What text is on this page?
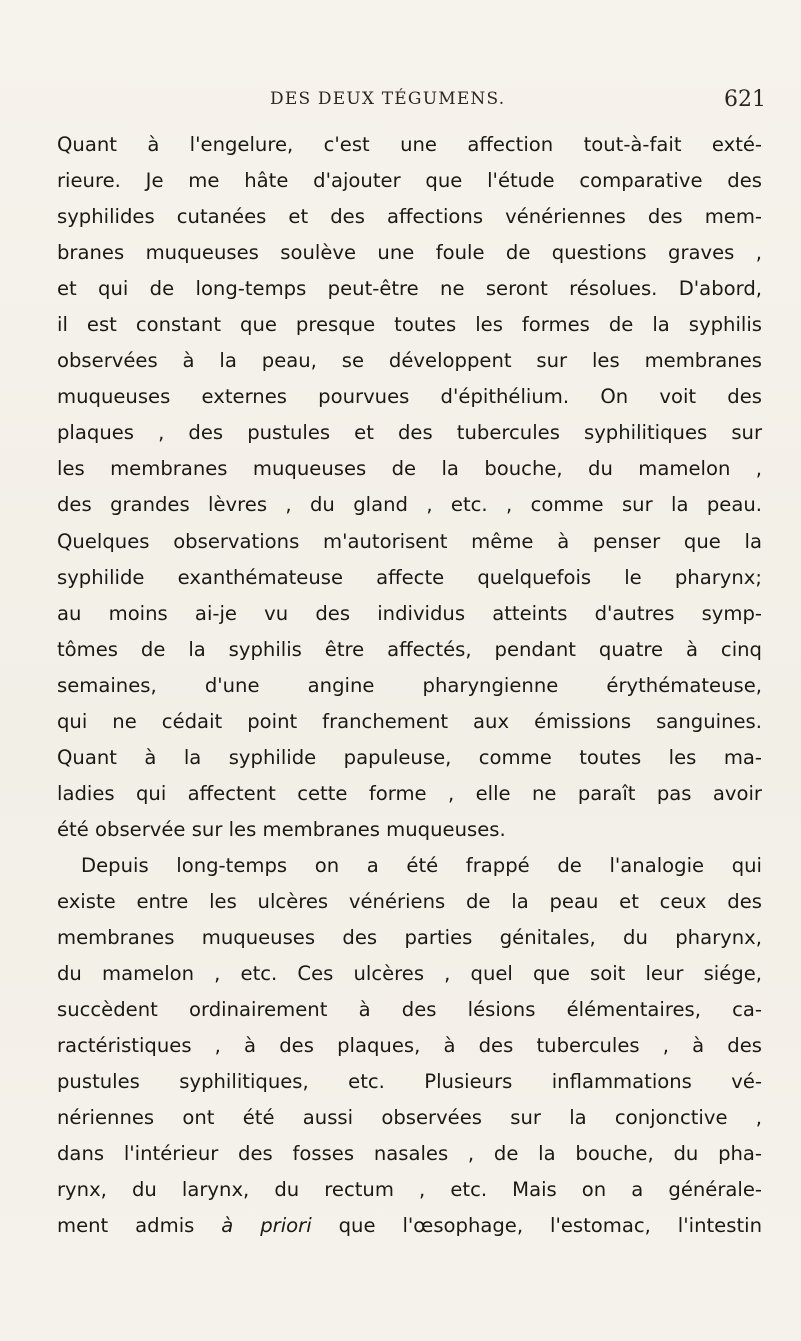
DES DEUX TÉGUMENS.	621
Quant à l'engelure, c'est une affection tout-à-fait exté-
rieure. Je me hâte d'ajouter que l'étude comparative des
syphilides cutanées et des affections vénériennes des mem-
branes muqueuses soulève une foule de questions graves ,
et qui de long-temps peut-être ne seront résolues. D'abord,
il est constant que presque toutes les formes de la syphilis
observées à la peau, se développent sur les membranes
muqueuses externes pourvues d'épithélium. On voit des
plaques , des pustules et des tubercules syphilitiques sur
les membranes muqueuses de la bouche, du mamelon ,
des grandes lèvres , du gland , etc. , comme sur la peau.
Quelques observations m'autorisent même à penser que la
syphilide exanthémateuse affecte quelquefois le pharynx;
au moins ai-je vu des individus atteints d'autres symp-
tômes de la syphilis être affectés, pendant quatre à cinq
semaines, d'une angine pharyngienne érythémateuse,
qui ne cédait point franchement aux émissions sanguines.
Quant à la syphilide papuleuse, comme toutes les ma-
ladies qui affectent cette forme , elle ne paraît pas avoir
été observée sur les membranes muqueuses.
Depuis long-temps on a été frappé de l'analogie qui
existe entre les ulcères vénériens de la peau et ceux des
membranes muqueuses des parties génitales, du pharynx,
du mamelon , etc. Ces ulcères , quel que soit leur siége,
succèdent ordinairement à des lésions élémentaires, ca-
ractéristiques , à des plaques, à des tubercules , à des
pustules syphilitiques, etc. Plusieurs inflammations vé-
nériennes ont été aussi observées sur la conjonctive ,
dans l'intérieur des fosses nasales , de la bouche, du pha-
rynx, du larynx, du rectum , etc. Mais on a générale-
ment admis à priori que l'œsophage, l'estomac, l'intestin
